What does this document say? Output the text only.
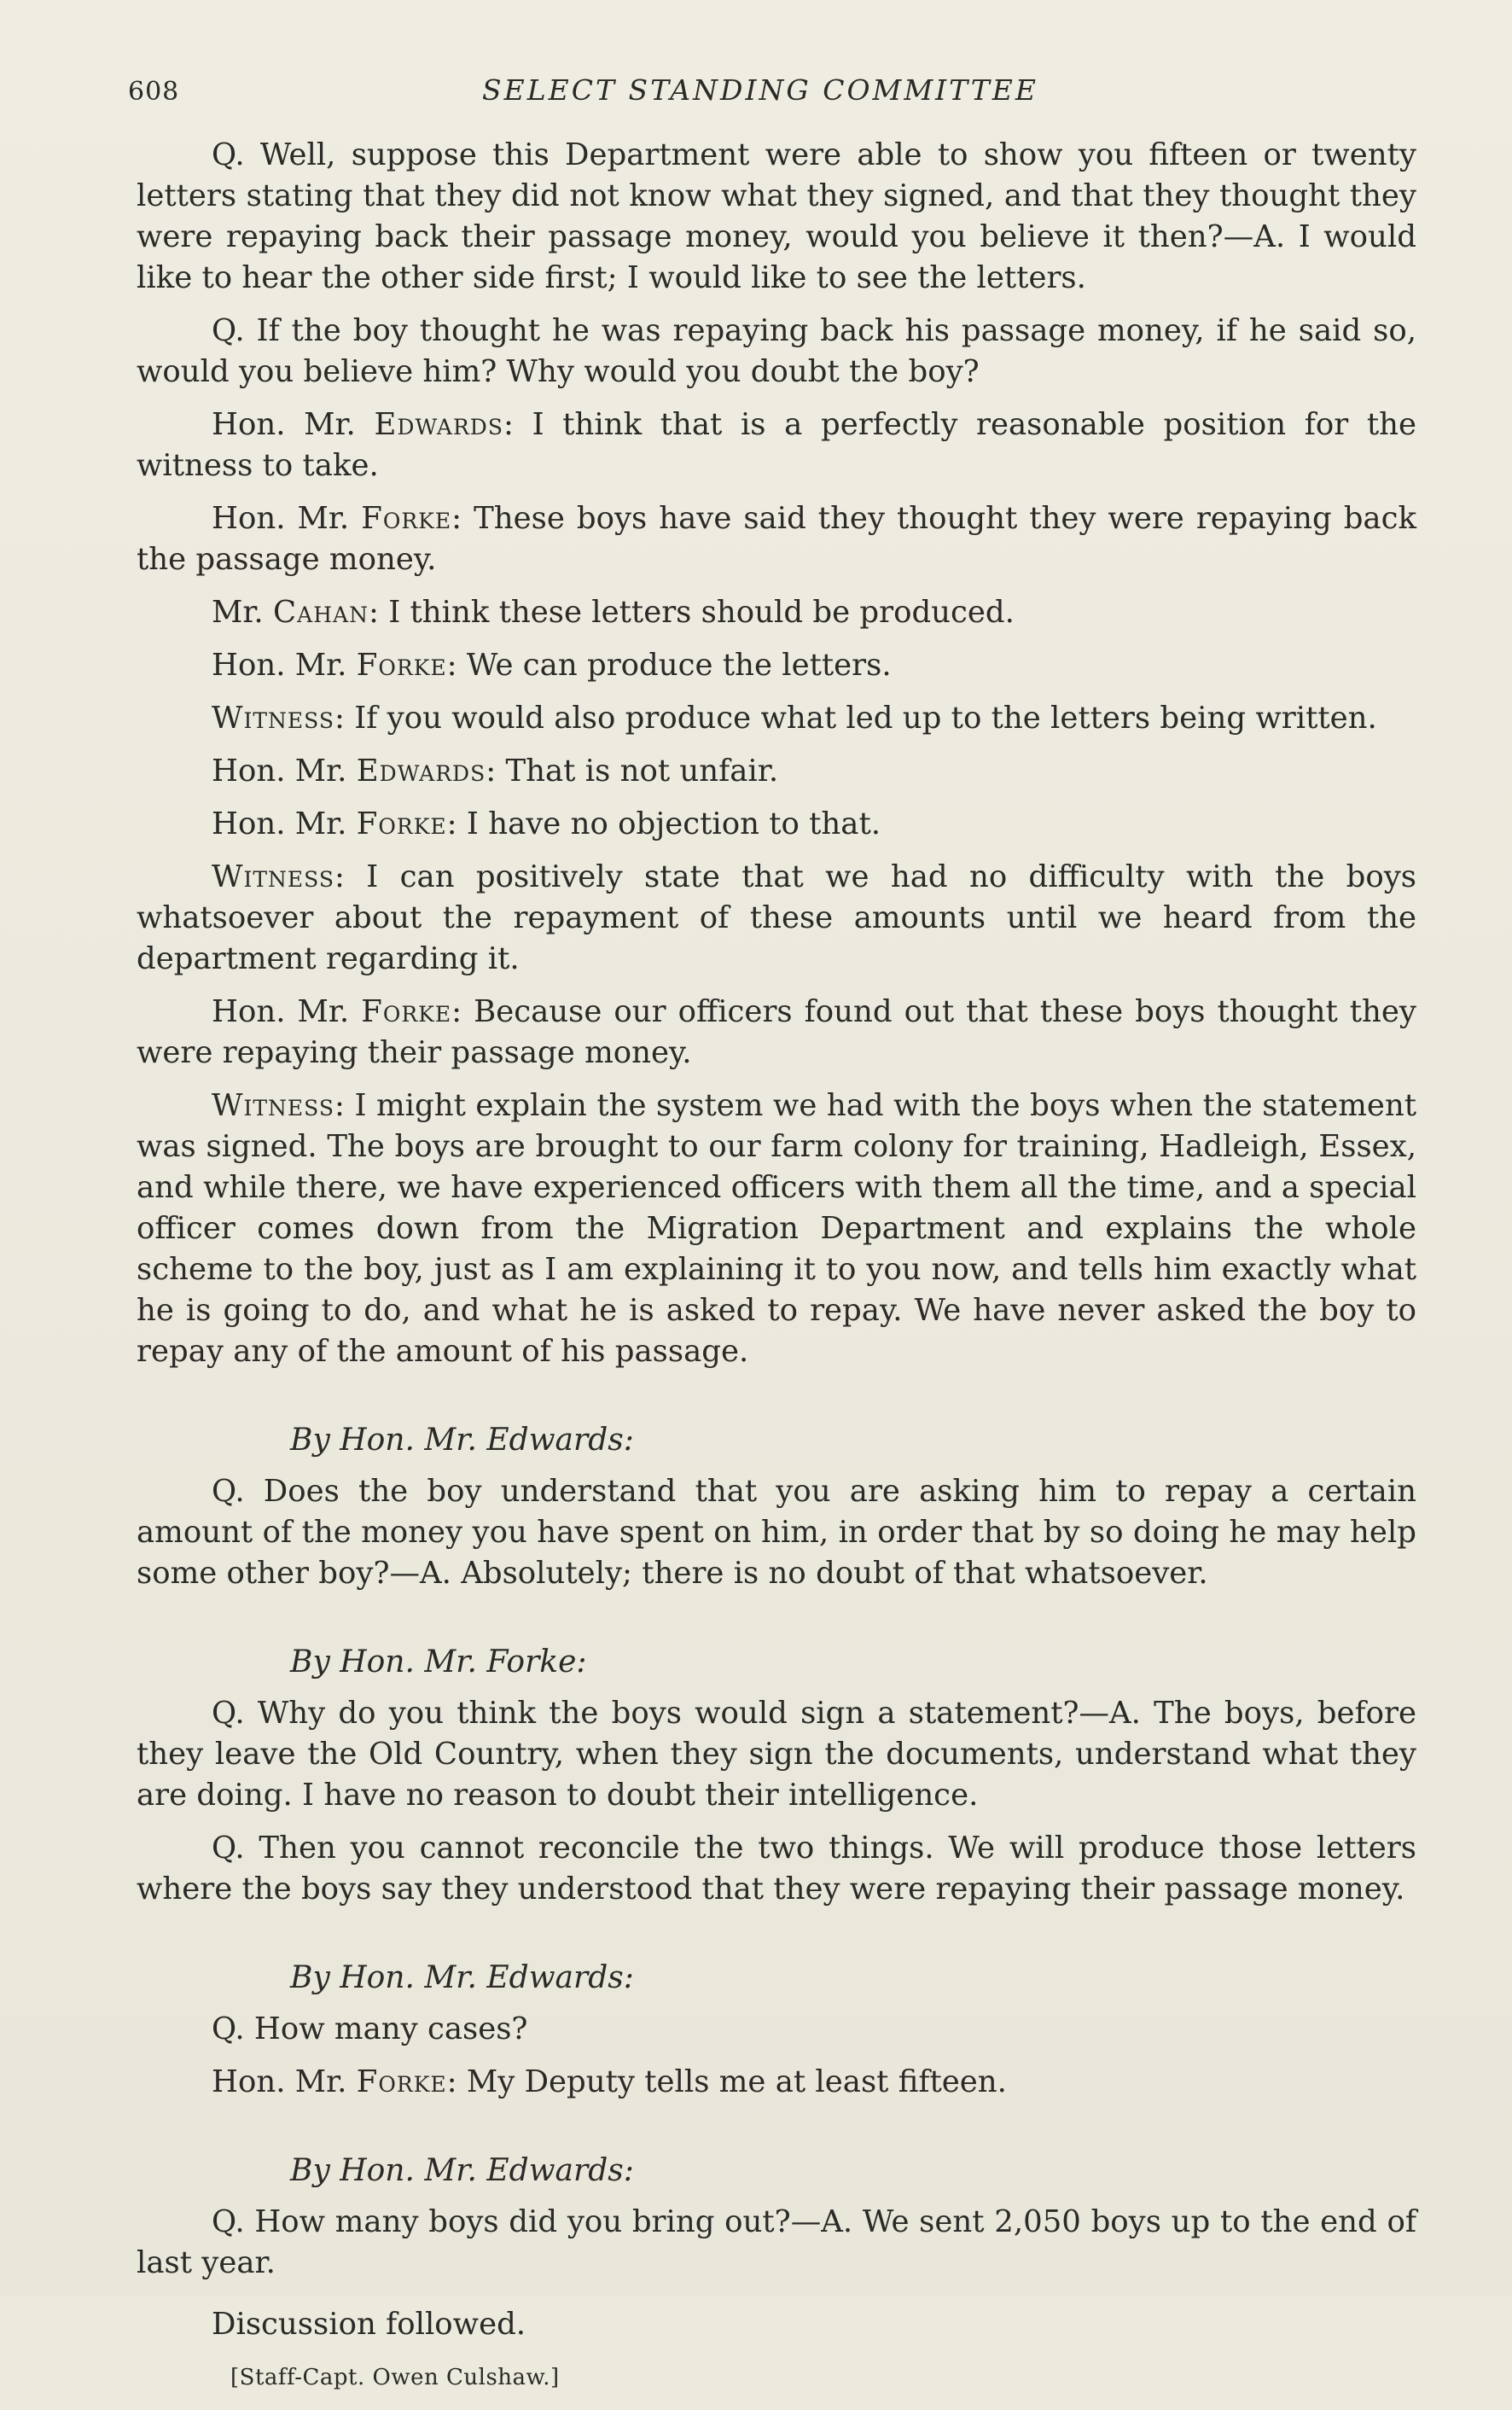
608	SELECT STANDING COMMITTEE

Q. Well, suppose this Department were able to show you fifteen or twenty letters stating that they did not know what they signed, and that they thought they were repaying back their passage money, would you believe it then?—A. I would like to hear the other side first; I would like to see the letters.

Q. If the boy thought he was repaying back his passage money, if he said so, would you believe him? Why would you doubt the boy?

Hon. Mr. Edwards: I think that is a perfectly reasonable position for the witness to take.

Hon. Mr. Forke: These boys have said they thought they were repaying back the passage money.

Mr. Cahan: I think these letters should be produced.

Hon. Mr. Forke: We can produce the letters.

Witness: If you would also produce what led up to the letters being written.

Hon. Mr. Edwards: That is not unfair.

Hon. Mr. Forke: I have no objection to that.

Witness: I can positively state that we had no difficulty with the boys whatsoever about the repayment of these amounts until we heard from the department regarding it.

Hon. Mr. Forke: Because our officers found out that these boys thought they were repaying their passage money.

Witness: I might explain the system we had with the boys when the statement was signed. The boys are brought to our farm colony for training, Hadleigh, Essex, and while there, we have experienced officers with them all the time, and a special officer comes down from the Migration Department and explains the whole scheme to the boy, just as I am explaining it to you now, and tells him exactly what he is going to do, and what he is asked to repay. We have never asked the boy to repay any of the amount of his passage.

By Hon. Mr. Edwards:

Q. Does the boy understand that you are asking him to repay a certain amount of the money you have spent on him, in order that by so doing he may help some other boy?—A. Absolutely; there is no doubt of that whatsoever.

By Hon. Mr. Forke:

Q. Why do you think the boys would sign a statement?—A. The boys, before they leave the Old Country, when they sign the documents, understand what they are doing. I have no reason to doubt their intelligence.

Q. Then you cannot reconcile the two things. We will produce those letters where the boys say they understood that they were repaying their passage money.

By Hon. Mr. Edwards:

Q. How many cases?

Hon. Mr. Forke: My Deputy tells me at least fifteen.

By Hon. Mr. Edwards:

Q. How many boys did you bring out?—A. We sent 2,050 boys up to the end of last year.

Discussion followed.

[Staff-Capt. Owen Culshaw.]
